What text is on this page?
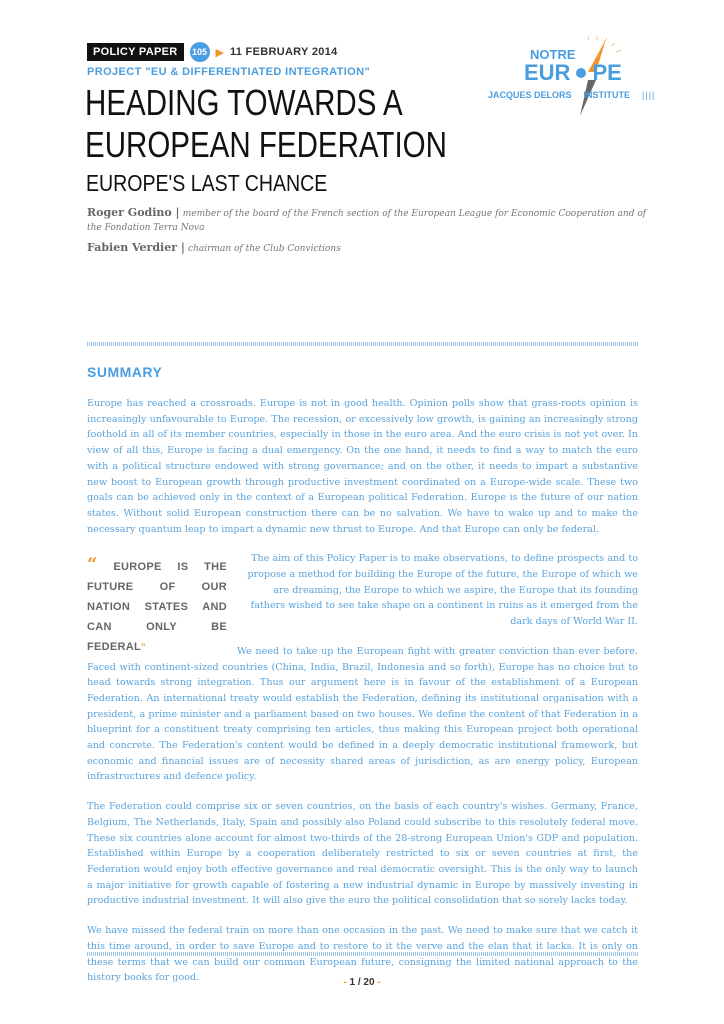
POLICY PAPER	105 ▶ 11 FEBRUARY 2014
PROJECT "EU & DIFFERENTIATED INTEGRATION"
HEADING TOWARDS A
EUROPEAN FEDERATION
EUROPE'S LAST CHANCE
NOTRE
EUR PE
JACQUES DELORS INSTITUTE ||||
Roger Godino | member of the board of the French section of the European League for Economic Cooperation and of the Fondation Terra Nova
Fabien Verdier | chairman of the Club Convictions
SUMMARY

Europe has reached a crossroads. Europe is not in good health. Opinion polls show that grass-roots opinion is increasingly unfavourable to Europe. The recession, or excessively low growth, is gaining an increasingly strong foothold in all of its member countries, especially in those in the euro area. And the euro crisis is not yet over. In view of all this, Europe is facing a dual emergency. On the one hand, it needs to find a way to match the euro with a political structure endowed with strong governance; and on the other, it needs to impart a substantive new boost to European growth through productive investment coordinated on a Europe-wide scale. These two goals can be achieved only in the context of a European political Federation. Europe is the future of our nation states. Without solid European construction there can be no salvation. We have to wake up and to make the necessary quantum leap to impart a dynamic new thrust to Europe. And that Europe can only be federal.

“ EUROPE IS THE FUTURE OF OUR NATION STATES AND CAN ONLY BE FEDERAL”

The aim of this Policy Paper is to make observations, to define prospects and to propose a method for building the Europe of the future, the Europe of which we are dreaming, the Europe to which we aspire, the Europe that its founding fathers wished to see take shape on a continent in ruins as it emerged from the dark days of World War II.

We need to take up the European fight with greater conviction than ever before. Faced with continent-sized countries (China, India, Brazil, Indonesia and so forth), Europe has no choice but to head towards strong integration. Thus our argument here is in favour of the establishment of a European Federation. An international treaty would establish the Federation, defining its institutional organisation with a president, a prime minister and a parliament based on two houses. We define the content of that Federation in a blueprint for a constituent treaty comprising ten articles, thus making this European project both operational and concrete. The Federation's content would be defined in a deeply democratic institutional framework, but economic and financial issues are of necessity shared areas of jurisdiction, as are energy policy, European infrastructures and defence policy.

The Federation could comprise six or seven countries, on the basis of each country's wishes. Germany, France, Belgium, The Netherlands, Italy, Spain and possibly also Poland could subscribe to this resolutely federal move. These six countries alone account for almost two-thirds of the 28-strong European Union's GDP and population. Established within Europe by a cooperation deliberately restricted to six or seven countries at first, the Federation would enjoy both effective governance and real democratic oversight. This is the only way to launch a major initiative for growth capable of fostering a new industrial dynamic in Europe by massively investing in productive industrial investment. It will also give the euro the political consolidation that so sorely lacks today.

We have missed the federal train on more than one occasion in the past. We need to make sure that we catch it this time around, in order to save Europe and to restore to it the verve and the elan that it lacks. It is only on these terms that we can build our common European future, consigning the limited national approach to the history books for good.	- 1 / 20 -
